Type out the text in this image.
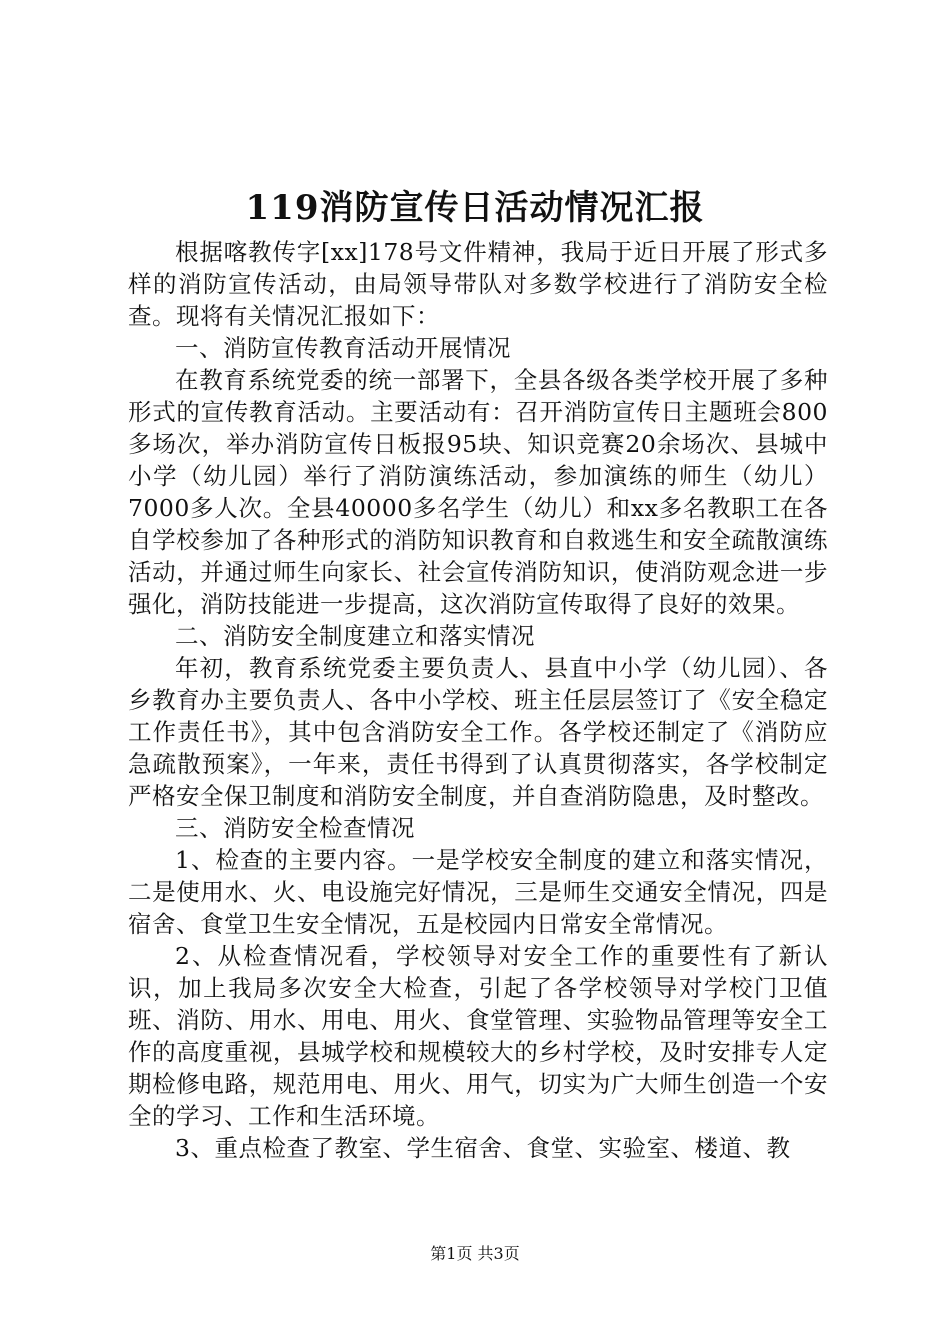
119消防宣传日活动情况汇报

根据喀教传字[xx]178号文件精神，我局于近日开展了形式多样的消防宣传活动，由局领导带队对多数学校进行了消防安全检查。现将有关情况汇报如下：

一、消防宣传教育活动开展情况

在教育系统党委的统一部署下，全县各级各类学校开展了多种形式的宣传教育活动。主要活动有：召开消防宣传日主题班会800多场次，举办消防宣传日板报95块、知识竞赛20余场次、县城中小学（幼儿园）举行了消防演练活动，参加演练的师生（幼儿）7000多人次。全县40000多名学生（幼儿）和xx多名教职工在各自学校参加了各种形式的消防知识教育和自救逃生和安全疏散演练活动，并通过师生向家长、社会宣传消防知识，使消防观念进一步强化，消防技能进一步提高，这次消防宣传取得了良好的效果。

二、消防安全制度建立和落实情况

年初，教育系统党委主要负责人、县直中小学（幼儿园）、各乡教育办主要负责人、各中小学校、班主任层层签订了《安全稳定工作责任书》，其中包含消防安全工作。各学校还制定了《消防应急疏散预案》，一年来，责任书得到了认真贯彻落实，各学校制定严格安全保卫制度和消防安全制度，并自查消防隐患，及时整改。

三、消防安全检查情况

1、检查的主要内容。一是学校安全制度的建立和落实情况，二是使用水、火、电设施完好情况，三是师生交通安全情况，四是宿舍、食堂卫生安全情况，五是校园内日常安全常情况。

2、从检查情况看，学校领导对安全工作的重要性有了新认识，加上我局多次安全大检查，引起了各学校领导对学校门卫值班、消防、用水、用电、用火、食堂管理、实验物品管理等安全工作的高度重视，县城学校和规模较大的乡村学校，及时安排专人定期检修电路，规范用电、用火、用气，切实为广大师生创造一个安全的学习、工作和生活环境。

3、重点检查了教室、学生宿舍、食堂、实验室、楼道、教

第1页 共3页
